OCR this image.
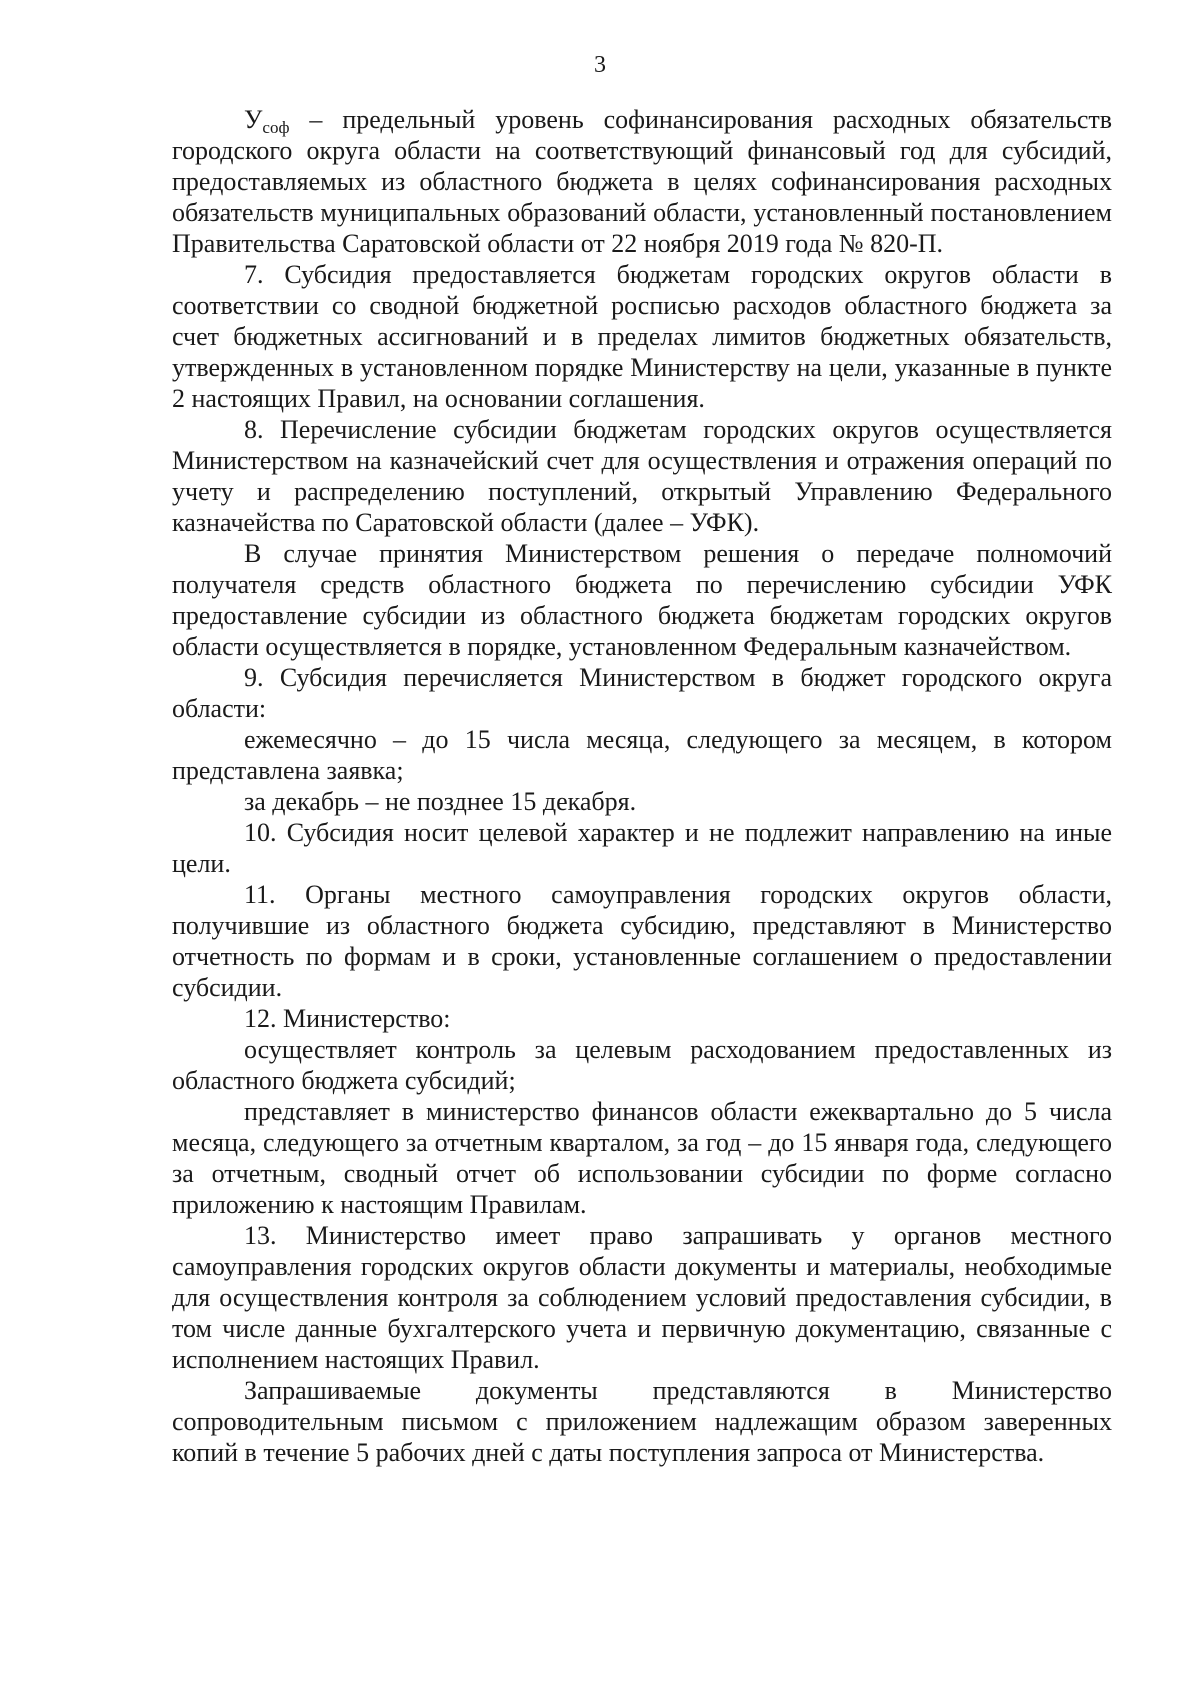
3

$У_{соф}$ – предельный уровень софинансирования расходных обязательств городского округа области на соответствующий финансовый год для субсидий, предоставляемых из областного бюджета в целях софинансирования расходных обязательств муниципальных образований области, установленный постановлением Правительства Саратовской области от 22 ноября 2019 года № 820-П.

7. Субсидия предоставляется бюджетам городских округов области в соответствии со сводной бюджетной росписью расходов областного бюджета за счет бюджетных ассигнований и в пределах лимитов бюджетных обязательств, утвержденных в установленном порядке Министерству на цели, указанные в пункте 2 настоящих Правил, на основании соглашения.

8. Перечисление субсидии бюджетам городских округов осуществляется Министерством на казначейский счет для осуществления и отражения операций по учету и распределению поступлений, открытый Управлению Федерального казначейства по Саратовской области (далее – УФК).

В случае принятия Министерством решения о передаче полномочий получателя средств областного бюджета по перечислению субсидии УФК предоставление субсидии из областного бюджета бюджетам городских округов области осуществляется в порядке, установленном Федеральным казначейством.

9. Субсидия перечисляется Министерством в бюджет городского округа области:

ежемесячно – до 15 числа месяца, следующего за месяцем, в котором представлена заявка;

за декабрь – не позднее 15 декабря.

10. Субсидия носит целевой характер и не подлежит направлению на иные цели.

11. Органы местного самоуправления городских округов области, получившие из областного бюджета субсидию, представляют в Министерство отчетность по формам и в сроки, установленные соглашением о предоставлении субсидии.

12. Министерство:

осуществляет контроль за целевым расходованием предоставленных из областного бюджета субсидий;

представляет в министерство финансов области ежеквартально до 5 числа месяца, следующего за отчетным кварталом, за год – до 15 января года, следующего за отчетным, сводный отчет об использовании субсидии по форме согласно приложению к настоящим Правилам.

13. Министерство имеет право запрашивать у органов местного самоуправления городских округов области документы и материалы, необходимые для осуществления контроля за соблюдением условий предоставления субсидии, в том числе данные бухгалтерского учета и первичную документацию, связанные с исполнением настоящих Правил.

Запрашиваемые документы представляются в Министерство сопроводительным письмом с приложением надлежащим образом заверенных копий в течение 5 рабочих дней с даты поступления запроса от Министерства.
